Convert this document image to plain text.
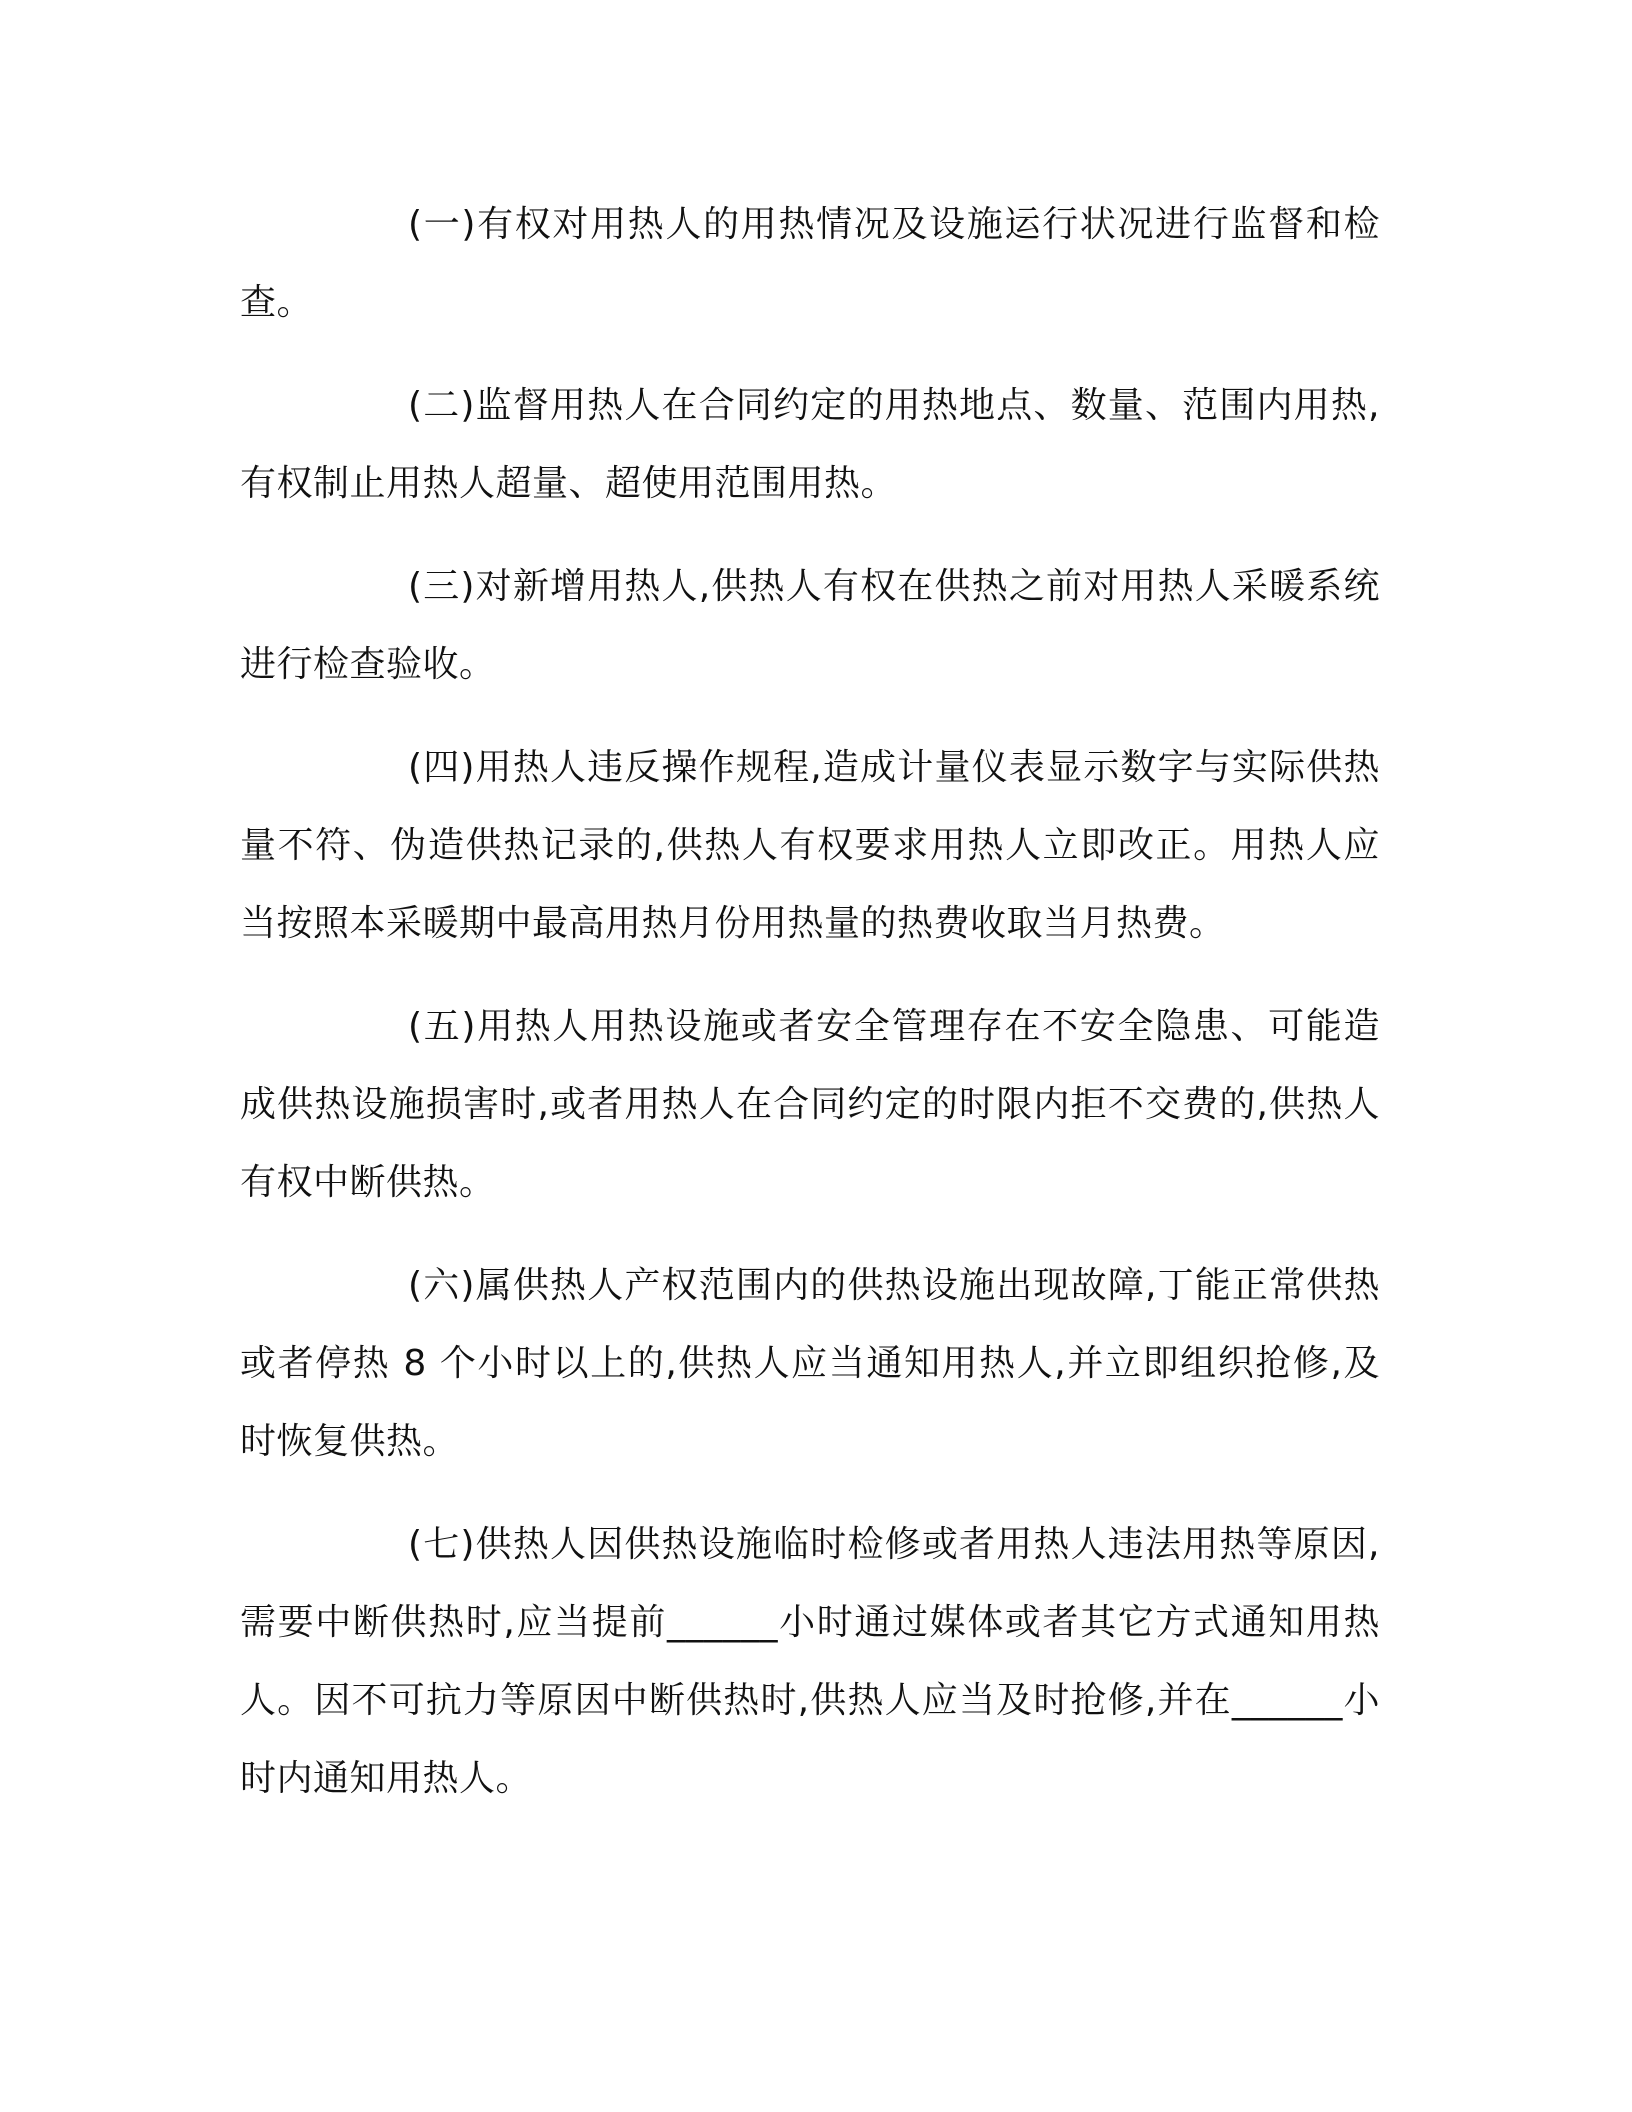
(一)有权对用热人的用热情况及设施运行状况进行监督和检查。

(二)监督用热人在合同约定的用热地点、数量、范围内用热,有权制止用热人超量、超使用范围用热。

(三)对新增用热人,供热人有权在供热之前对用热人采暖系统进行检查验收。

(四)用热人违反操作规程,造成计量仪表显示数字与实际供热量不符、伪造供热记录的,供热人有权要求用热人立即改正。用热人应当按照本采暖期中最高用热月份用热量的热费收取当月热费。

(五)用热人用热设施或者安全管理存在不安全隐患、可能造成供热设施损害时,或者用热人在合同约定的时限内拒不交费的,供热人有权中断供热。

(六)属供热人产权范围内的供热设施出现故障,丁能正常供热或者停热 8 个小时以上的,供热人应当通知用热人,并立即组织抢修,及时恢复供热。

(七)供热人因供热设施临时检修或者用热人违法用热等原因,需要中断供热时,应当提前______小时通过媒体或者其它方式通知用热人。因不可抗力等原因中断供热时,供热人应当及时抢修,并在______小时内通知用热人。
